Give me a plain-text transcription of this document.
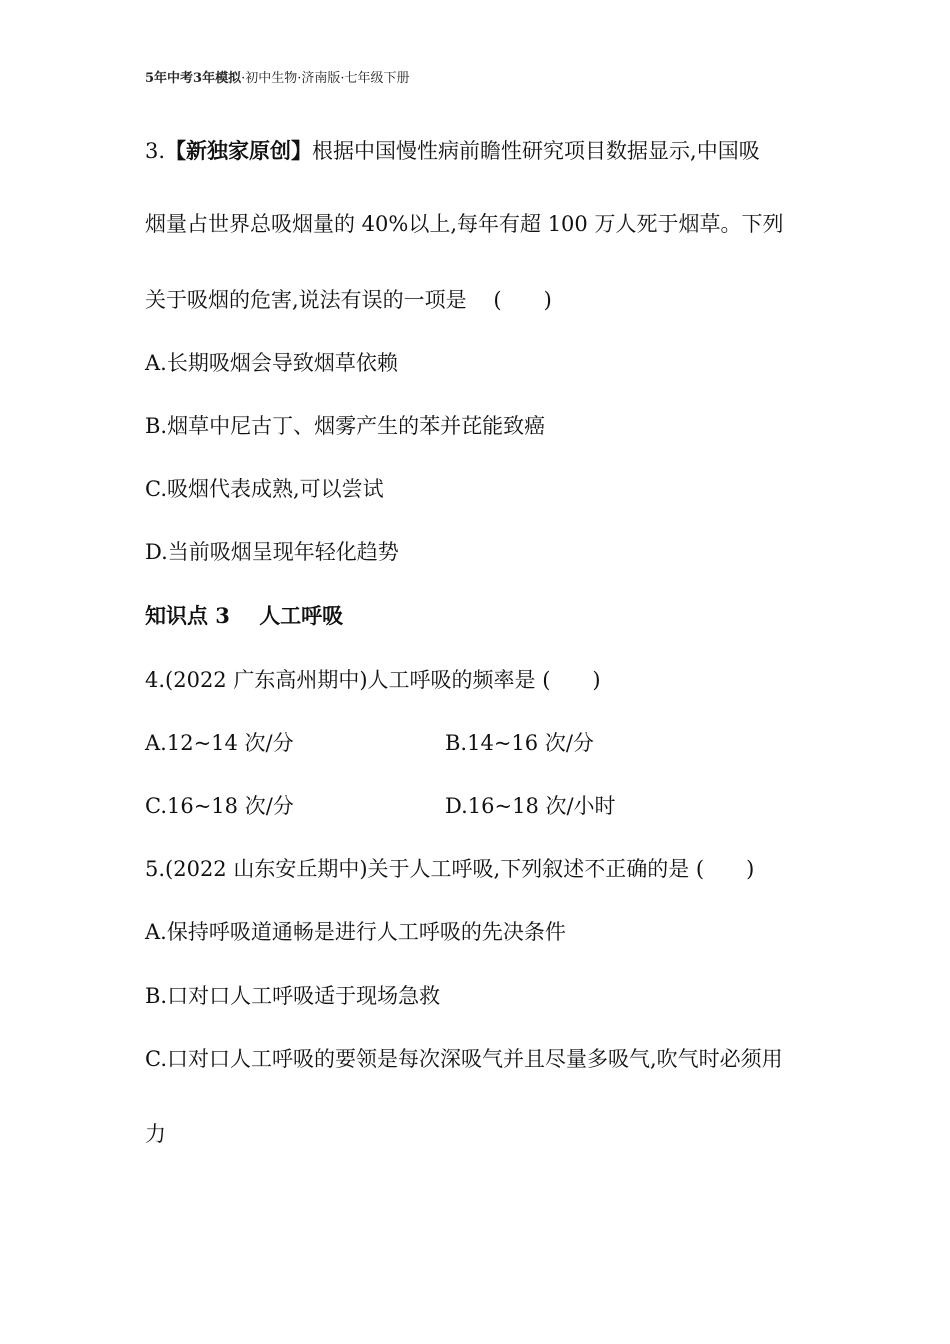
5年中考3年模拟·初中生物·济南版·七年级下册
3.【新独家原创】根据中国慢性病前瞻性研究项目数据显示,中国吸
烟量占世界总吸烟量的 40%以上,每年有超 100 万人死于烟草。下列
关于吸烟的危害,说法有误的一项是 (　　)
A.长期吸烟会导致烟草依赖
B.烟草中尼古丁、烟雾产生的苯并芘能致癌
C.吸烟代表成熟,可以尝试
D.当前吸烟呈现年轻化趋势
知识点 3 人工呼吸
4.(2022 广东高州期中)人工呼吸的频率是 (　　)
A.12~14 次/分	B.14~16 次/分
C.16~18 次/分	D.16~18 次/小时
5.(2022 山东安丘期中)关于人工呼吸,下列叙述不正确的是 (　　)
A.保持呼吸道通畅是进行人工呼吸的先决条件
B.口对口人工呼吸适于现场急救
C.口对口人工呼吸的要领是每次深吸气并且尽量多吸气,吹气时必须用
力
